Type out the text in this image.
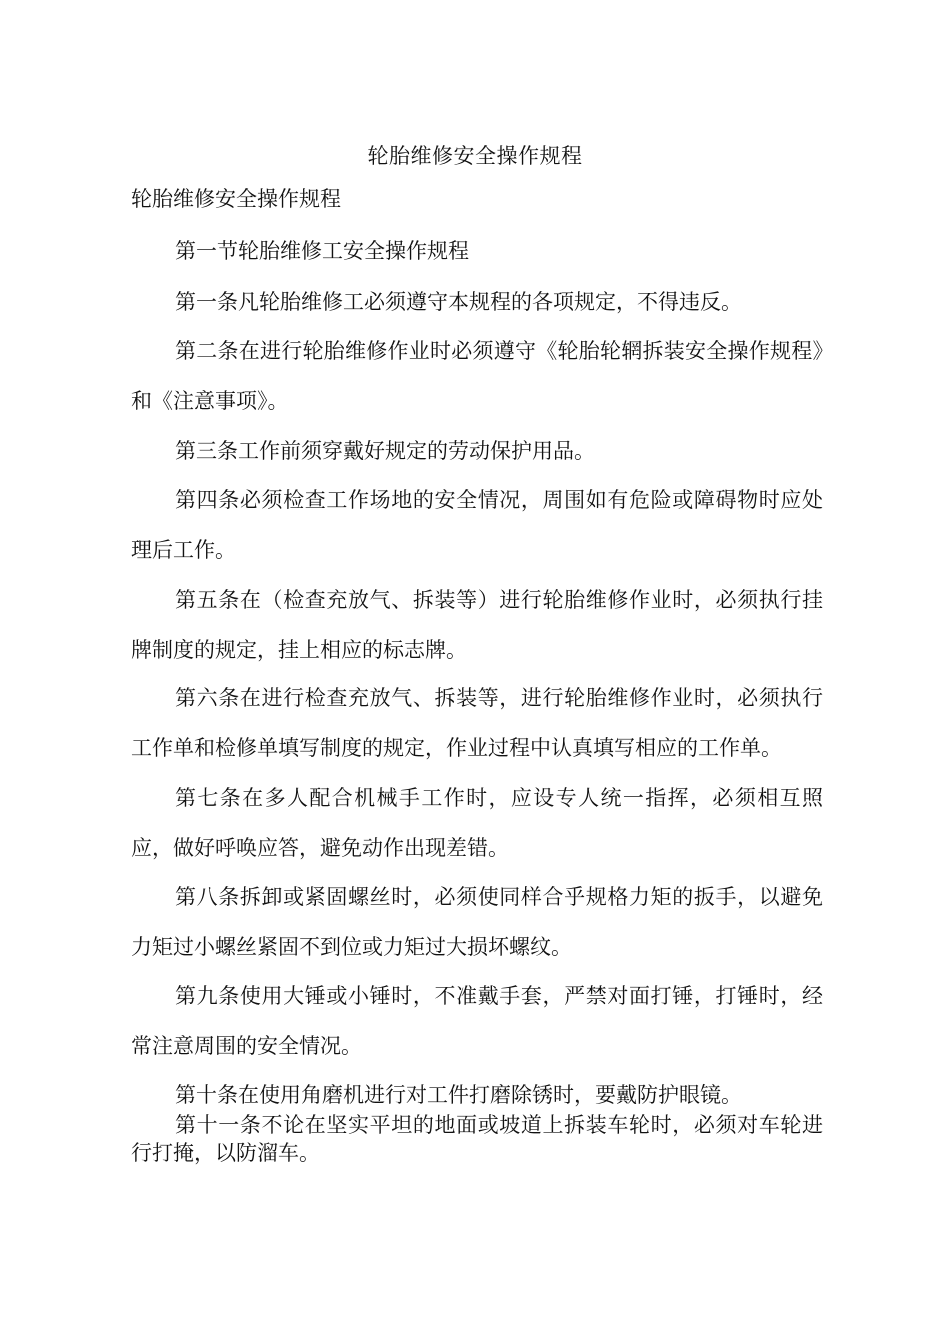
轮胎维修安全操作规程
轮胎维修安全操作规程
第一节轮胎维修工安全操作规程
第一条凡轮胎维修工必须遵守本规程的各项规定，不得违反。
第二条在进行轮胎维修作业时必须遵守《轮胎轮辋拆装安全操作规程》和《注意事项》。
第三条工作前须穿戴好规定的劳动保护用品。
第四条必须检查工作场地的安全情况，周围如有危险或障碍物时应处理后工作。
第五条在（检查充放气、拆装等）进行轮胎维修作业时，必须执行挂牌制度的规定，挂上相应的标志牌。
第六条在进行检查充放气、拆装等，进行轮胎维修作业时，必须执行工作单和检修单填写制度的规定，作业过程中认真填写相应的工作单。
第七条在多人配合机械手工作时，应设专人统一指挥，必须相互照应，做好呼唤应答，避免动作出现差错。
第八条拆卸或紧固螺丝时，必须使同样合乎规格力矩的扳手，以避免力矩过小螺丝紧固不到位或力矩过大损坏螺纹。
第九条使用大锤或小锤时，不准戴手套，严禁对面打锤，打锤时，经常注意周围的安全情况。
第十条在使用角磨机进行对工件打磨除锈时，要戴防护眼镜。
第十一条不论在坚实平坦的地面或坡道上拆装车轮时，必须对车轮进行打掩，以防溜车。
